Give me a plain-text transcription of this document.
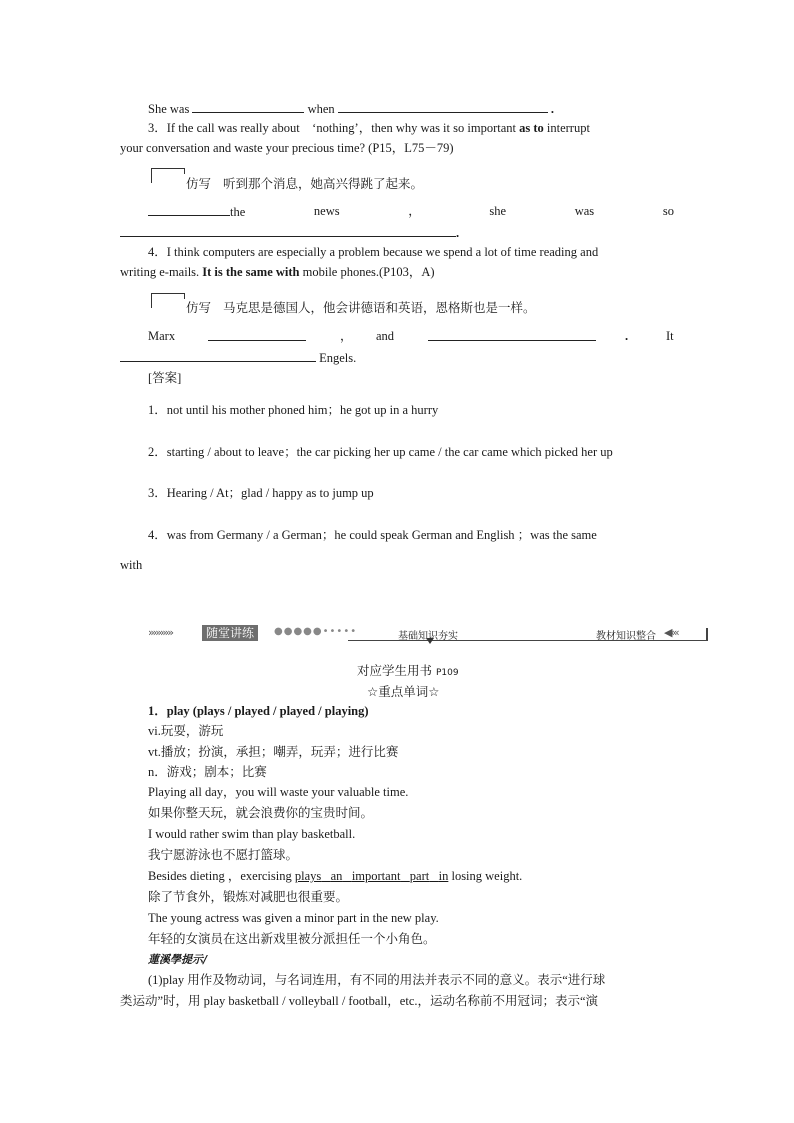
She was	when	.
3．If the call was really about　‘nothing’，then why was it so important as to interrupt
your conversation and waste your precious time? (P15，L75－79)
仿写 听到那个消息，她高兴得跳了起来。
the	news	，	she	was	so
.
4．I think computers are especially a problem because we spend a lot of time reading and
writing e-mails. It is the same with mobile phones.(P103，A)
仿写 马克思是德国人，他会讲德语和英语，恩格斯也是一样。
Marx	， and	.	It
Engels.
[答案]
1．not until his mother phoned him；he got up in a hurry
2．starting / about to leave；the car picking her up came / the car came which picked her up
3．Hearing / At；glad / happy as to jump up
4．was from Germany / a German；he could speak German and English ；was the same
with
››››››››››	随堂讲练	●●●●●•••••	基础知识夯实	教材知识整合 ◀‹‹‹
对应学生用书 P109
☆重点单词☆
1．play (plays / played / played / playing)
vi.玩耍，游玩
vt.播放；扮演，承担；嘲弄，玩弄；进行比赛
n．游戏；剧本；比赛
Playing all day，you will waste your valuable time.
如果你整天玩，就会浪费你的宝贵时间。
I would rather swim than play basketball.
我宁愿游泳也不愿打篮球。
Besides dieting ，exercising plays an important part in losing weight.
除了节食外，锻炼对减肥也很重要。
The young actress was given a minor part in the new play.
年轻的女演员在这出新戏里被分派担任一个小角色。
蓮溪學提示/
(1)play 用作及物动词，与名词连用，有不同的用法并表示不同的意义。表示“进行球
类运动”时，用 play basketball / volleyball / football，etc.，运动名称前不用冠词；表示“演
